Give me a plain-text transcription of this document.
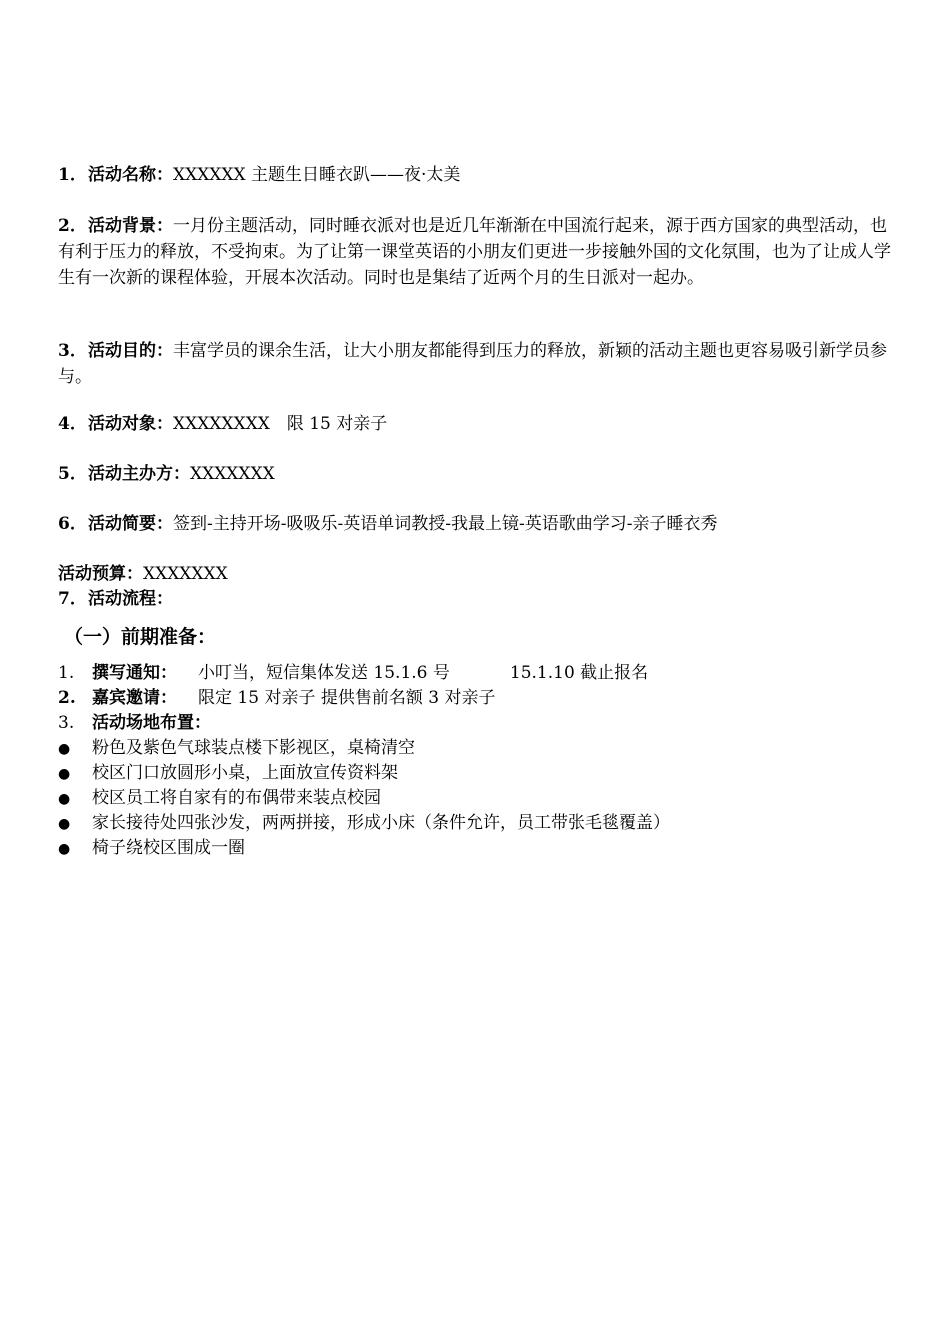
1．活动名称：XXXXXX 主题生日睡衣趴——夜·太美
2．活动背景：一月份主题活动，同时睡衣派对也是近几年渐渐在中国流行起来，源于西方国家的典型活动，也有利于压力的释放，不受拘束。为了让第一课堂英语的小朋友们更进一步接触外国的文化氛围，也为了让成人学生有一次新的课程体验，开展本次活动。同时也是集结了近两个月的生日派对一起办。
3．活动目的：丰富学员的课余生活，让大小朋友都能得到压力的释放，新颖的活动主题也更容易吸引新学员参与。
4．活动对象：XXXXXXXX　限 15 对亲子
5．活动主办方：XXXXXXX
6．活动简要：签到-主持开场-吸吸乐-英语单词教授-我最上镜-英语歌曲学习-亲子睡衣秀
活动预算：XXXXXXX
7．活动流程：
（一）前期准备：
1. 撰写通知： 小叮当，短信集体发送 15.1.6 号	15.1.10 截止报名
2. 嘉宾邀请： 限定 15 对亲子 提供售前名额 3 对亲子
3. 活动场地布置：
● 粉色及紫色气球装点楼下影视区，桌椅清空
● 校区门口放圆形小桌，上面放宣传资料架
● 校区员工将自家有的布偶带来装点校园
● 家长接待处四张沙发，两两拼接，形成小床（条件允许，员工带张毛毯覆盖）
● 椅子绕校区围成一圈
